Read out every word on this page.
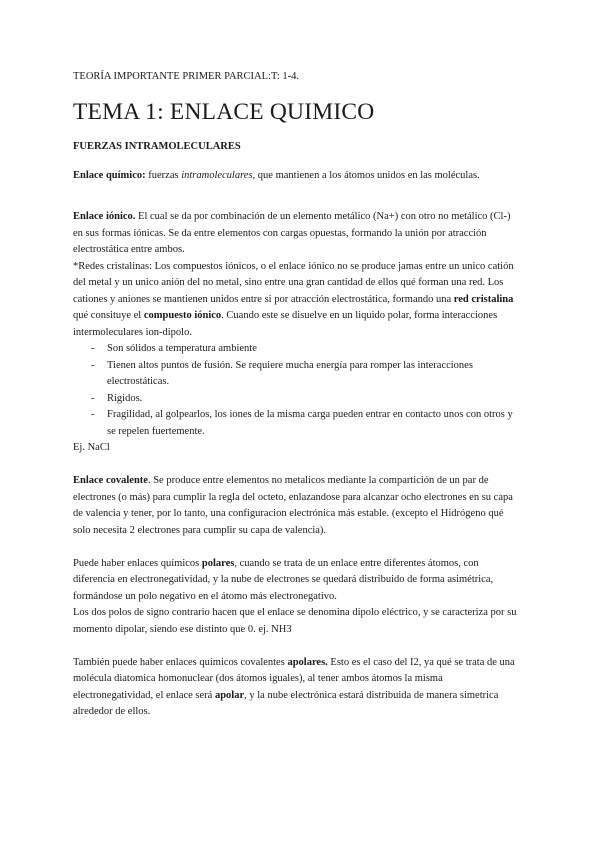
TEORÍA IMPORTANTE PRIMER PARCIAL:T: 1-4.
TEMA 1: ENLACE QUIMICO
FUERZAS INTRAMOLECULARES

Enlace químico: fuerzas intramoleculares, que mantienen a los átomos unidos en las moléculas.

Enlace iónico. El cual se da por combinación de un elemento metálico (Na+) con otro no metálico (Cl-) en sus formas iónicas. Se da entre elementos con cargas opuestas, formando la unión por atracción electrostática entre ambos.

*Redes cristalinas: Los compuestos iónicos, o el enlace iónico no se produce jamas entre un unico catión del metal y un unico anión del no metal, sino entre una gran cantidad de ellos qué forman una red. Los cationes y aniones se mantienen unidos entre si por atracción electrostática, formando una red cristalina qué consituye el compuesto iónico. Cuando este se disuelve en un liquido polar, forma interacciones intermoleculares ion-dipolo.

- Son sólidos a temperatura ambiente
- Tienen altos puntos de fusión. Se requiere mucha energía para romper las interacciones electrostáticas.
- Rígidos.
- Fragilidad, al golpearlos, los iones de la misma carga pueden entrar en contacto unos con otros y se repelen fuertemente.

Ej. NaCl

Enlace covalente. Se produce entre elementos no metalicos mediante la compartición de un par de electrones (o más) para cumplir la regla del octeto, enlazandose para alcanzar ocho electrones en su capa de valencia y tener, por lo tanto, una configuracion electrónica más estable. (excepto el Hidrógeno qué solo necesita 2 electrones para cumplir su capa de valencia).

Puede haber enlaces químicos polares, cuando se trata de un enlace entre diferentes átomos, con diferencia en electronegatividad, y la nube de electrones se quedará distribuido de forma asimétrica, formándose un polo negativo en el átomo más electronegativo.

Los dos polos de signo contrario hacen que el enlace se denomina dipolo eléctrico, y se caracteriza por su momento dipolar, siendo ese distinto que 0. ej. NH3

También puede haber enlaces químicos covalentes apolares. Esto es el caso del I2, ya qué se trata de una molécula diatomica homonuclear (dos átomos iguales), al tener ambos átomos la misma electronegatividad, el enlace será apolar, y la nube electrónica estará distribuida de manera simetrica alrededor de ellos.
